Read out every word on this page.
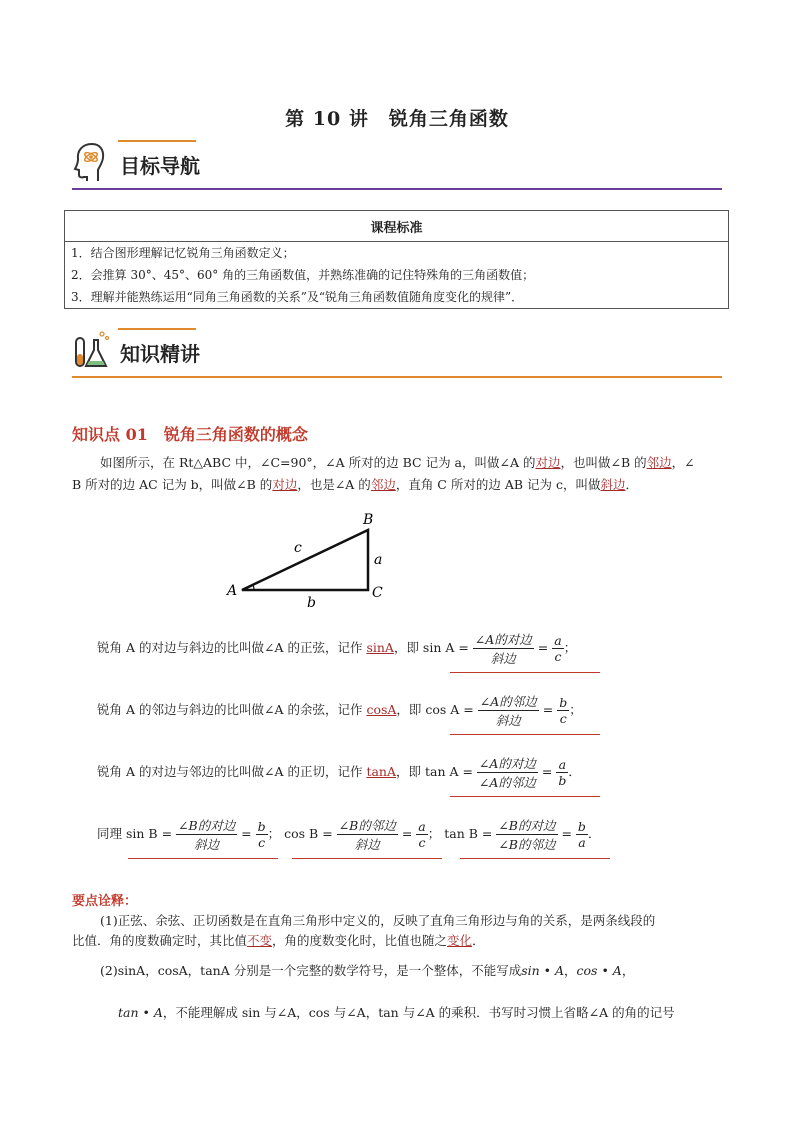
第 10 讲　锐角三角函数
目标导航
课程标准
1．结合图形理解记忆锐角三角函数定义；
2．会推算 30°、45°、60° 角的三角函数值，并熟练准确的记住特殊角的三角函数值；
3．理解并能熟练运用“同角三角函数的关系”及“锐角三角函数值随角度变化的规律”．
知识精讲
知识点 01　锐角三角函数的概念
如图所示，在 Rt△ABC 中，∠C=90°，∠A 所对的边 BC 记为 a，叫做∠A 的对边，也叫做∠B 的邻边，∠
B 所对的边 AC 记为 b，叫做∠B 的对边，也是∠A 的邻边，直角 C 所对的边 AB 记为 c，叫做斜边．
A
B
C
a
b
c
锐角 A 的对边与斜边的比叫做∠A 的正弦，记作 sinA，即 $\sin A = \frac{\text{∠A的对边}}{\text{斜边}} = \frac{a}{c}$ ；
锐角 A 的邻边与斜边的比叫做∠A 的余弦，记作 cosA，即 $\cos A = \frac{\text{∠A的邻边}}{\text{斜边}} = \frac{b}{c}$ ；
锐角 A 的对边与邻边的比叫做∠A 的正切，记作 tanA，即 $\tan A = \frac{\text{∠A的对边}}{\text{∠A的邻边}} = \frac{a}{b}$ ．
同理 $\sin B = \frac{\text{∠B的对边}}{\text{斜边}} = \frac{b}{c}$ ； $\cos B = \frac{\text{∠B的邻边}}{\text{斜边}} = \frac{a}{c}$ ； $\tan B = \frac{\text{∠B的对边}}{\text{∠B的邻边}} = \frac{b}{a}$ ．
要点诠释：
(1)正弦、余弦、正切函数是在直角三角形中定义的，反映了直角三角形边与角的关系，是两条线段的
比值．角的度数确定时，其比值不变，角的度数变化时，比值也随之变化．
(2)sinA，cosA，tanA 分别是一个完整的数学符号，是一个整体，不能写成sin • A，cos • A，
tan • A，不能理解成 sin 与∠A，cos 与∠A，tan 与∠A 的乘积．书写时习惯上省略∠A 的角的记号
